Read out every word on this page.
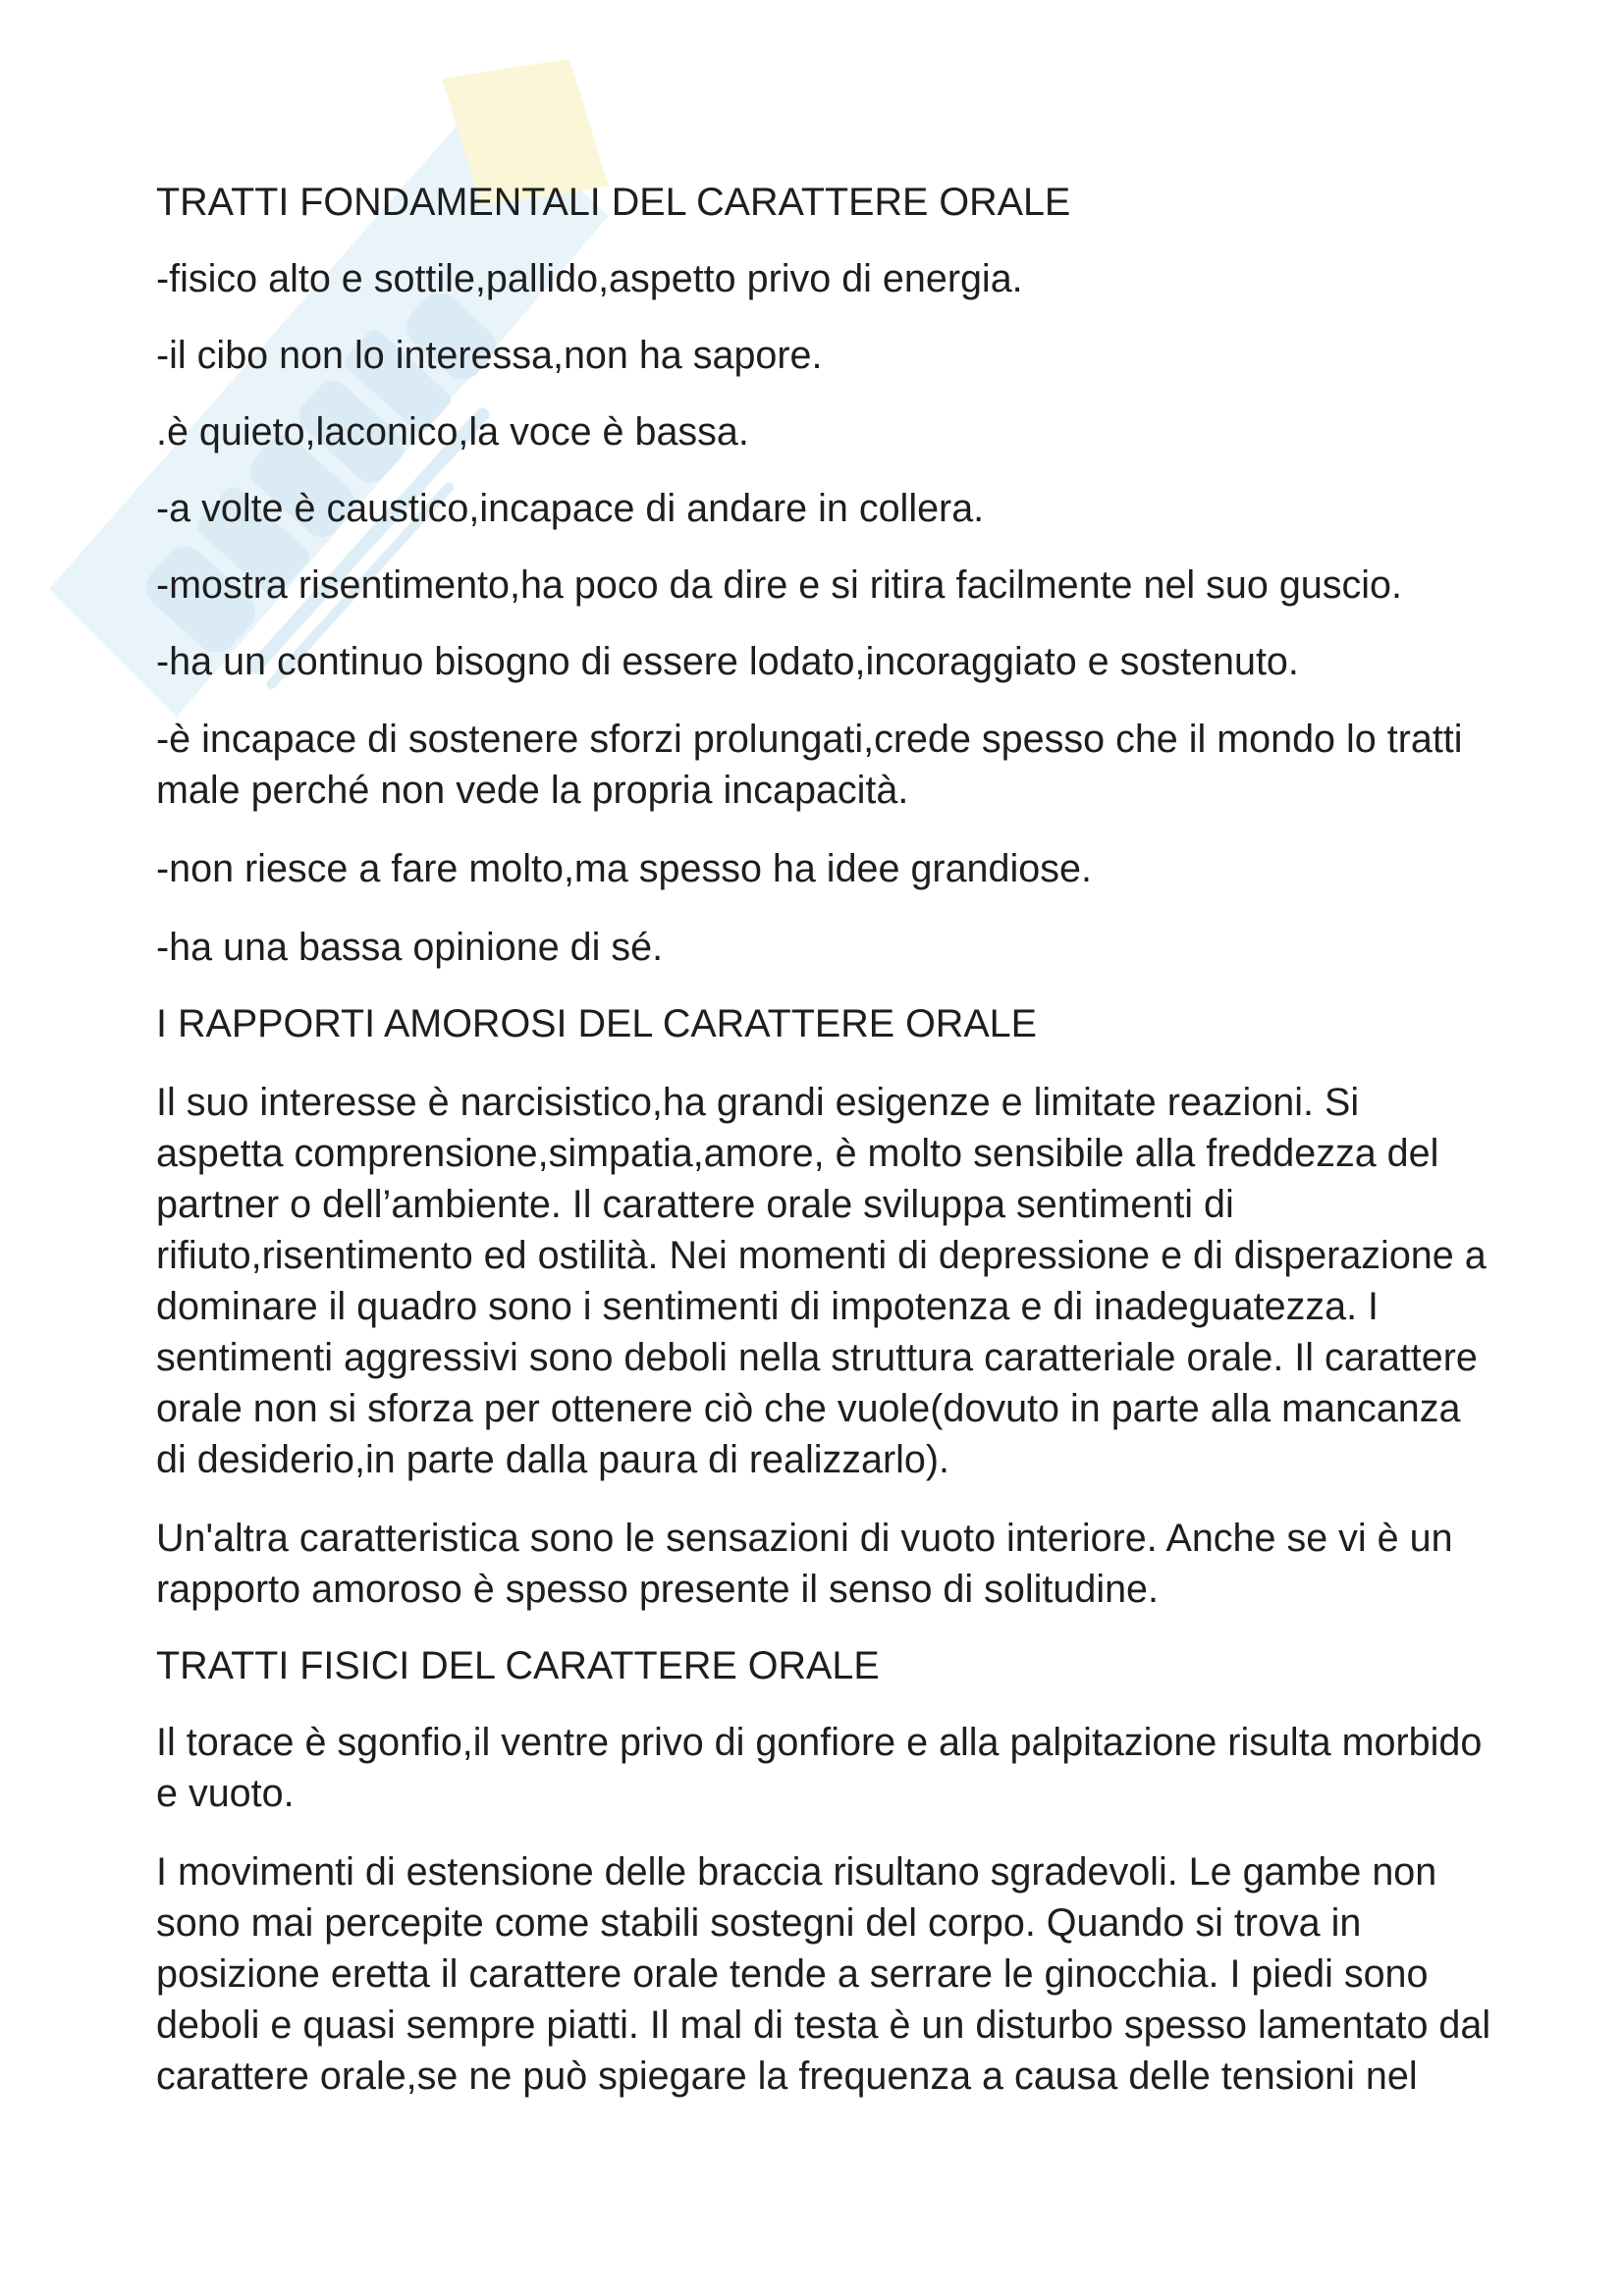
TRATTI FONDAMENTALI DEL CARATTERE ORALE
-fisico alto e sottile,pallido,aspetto privo di energia.
-il cibo non lo interessa,non ha sapore.
.è quieto,laconico,la voce è bassa.
-a volte è caustico,incapace di andare in collera.
-mostra risentimento,ha poco da dire e si ritira facilmente nel suo guscio.
-ha un continuo bisogno di essere lodato,incoraggiato e sostenuto.
-è incapace di sostenere sforzi prolungati,crede spesso che il mondo lo tratti
male perché non vede la propria incapacità.
-non riesce a fare molto,ma spesso ha idee grandiose.
-ha una bassa opinione di sé.
I RAPPORTI AMOROSI DEL CARATTERE ORALE
Il suo interesse è narcisistico,ha grandi esigenze e limitate reazioni. Si
aspetta comprensione,simpatia,amore, è molto sensibile alla freddezza del
partner o dell’ambiente. Il carattere orale sviluppa sentimenti di
rifiuto,risentimento ed ostilità. Nei momenti di depressione e di disperazione a
dominare il quadro sono i sentimenti di impotenza e di inadeguatezza. I
sentimenti aggressivi sono deboli nella struttura caratteriale orale. Il carattere
orale non si sforza per ottenere ciò che vuole(dovuto in parte alla mancanza
di desiderio,in parte dalla paura di realizzarlo).
Un'altra caratteristica sono le sensazioni di vuoto interiore. Anche se vi è un
rapporto amoroso è spesso presente il senso di solitudine.
TRATTI FISICI DEL CARATTERE ORALE
Il torace è sgonfio,il ventre privo di gonfiore e alla palpitazione risulta morbido
e vuoto.
I movimenti di estensione delle braccia risultano sgradevoli. Le gambe non
sono mai percepite come stabili sostegni del corpo. Quando si trova in
posizione eretta il carattere orale tende a serrare le ginocchia. I piedi sono
deboli e quasi sempre piatti. Il mal di testa è un disturbo spesso lamentato dal
carattere orale,se ne può spiegare la frequenza a causa delle tensioni nel
